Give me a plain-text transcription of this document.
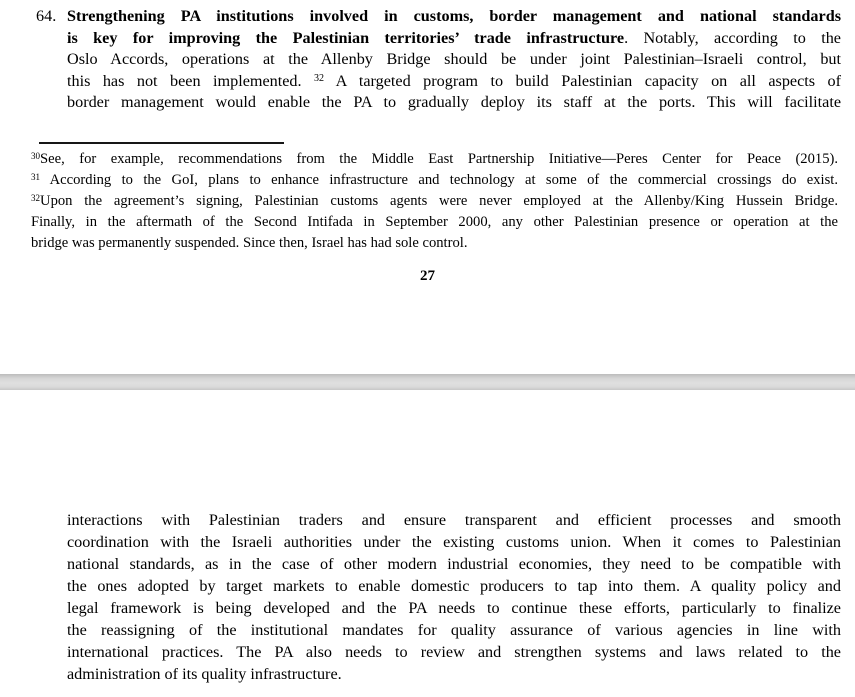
64. Strengthening PA institutions involved in customs, border management and national standards
is key for improving the Palestinian territories’ trade infrastructure. Notably, according to the
Oslo Accords, operations at the Allenby Bridge should be under joint Palestinian–Israeli control, but
this has not been implemented. $^{32}$ A targeted program to build Palestinian capacity on all aspects of
border management would enable the PA to gradually deploy its staff at the ports. This will facilitate
$^{30}$See, for example, recommendations from the Middle East Partnership Initiative—Peres Center for Peace (2015).
$^{31}$ According to the GoI, plans to enhance infrastructure and technology at some of the commercial crossings do exist.
$^{32}$Upon the agreement’s signing, Palestinian customs agents were never employed at the Allenby/King Hussein Bridge.
Finally, in the aftermath of the Second Intifada in September 2000, any other Palestinian presence or operation at the
bridge was permanently suspended. Since then, Israel has had sole control.
27
interactions with Palestinian traders and ensure transparent and efficient processes and smooth
coordination with the Israeli authorities under the existing customs union. When it comes to Palestinian
national standards, as in the case of other modern industrial economies, they need to be compatible with
the ones adopted by target markets to enable domestic producers to tap into them. A quality policy and
legal framework is being developed and the PA needs to continue these efforts, particularly to finalize
the reassigning of the institutional mandates for quality assurance of various agencies in line with
international practices. The PA also needs to review and strengthen systems and laws related to the
administration of its quality infrastructure.
